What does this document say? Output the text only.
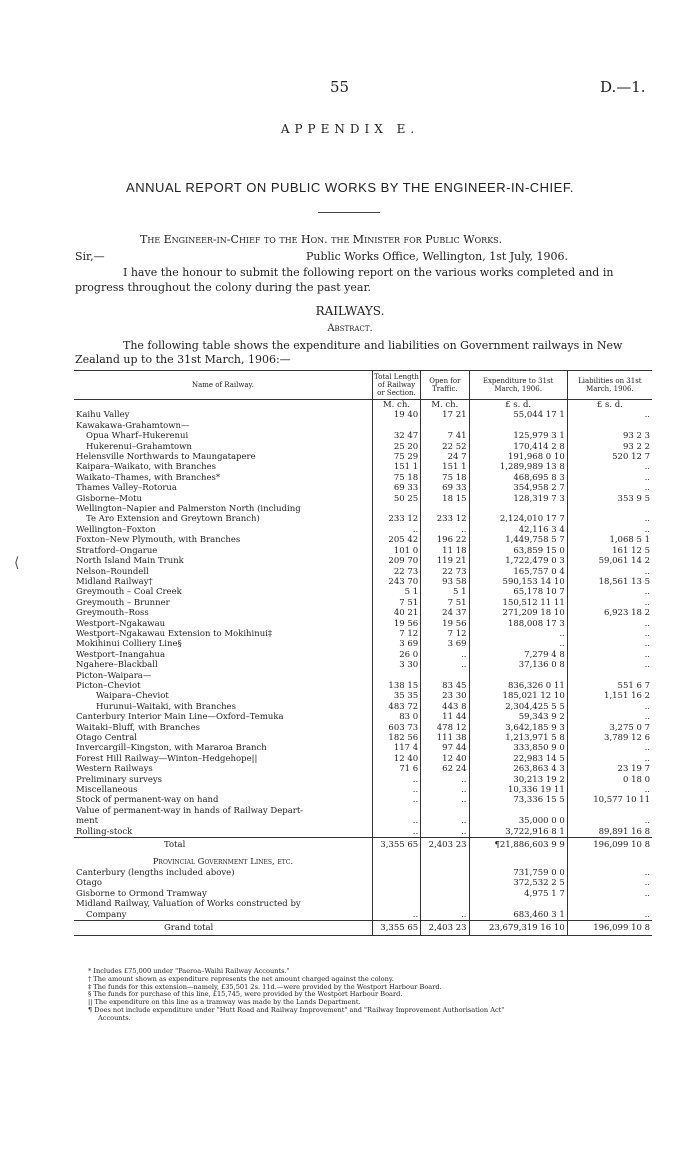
55	D.—1.
APPENDIX E.
ANNUAL REPORT ON PUBLIC WORKS BY THE ENGINEER-IN-CHIEF.
The Engineer-in-Chief to the Hon. the Minister for Public Works.
Sir,—	Public Works Office, Wellington, 1st July, 1906.
I have the honour to submit the following report on the various works completed and in progress throughout the colony during the past year.
RAILWAYS.
Abstract.
The following table shows the expenditure and liabilities on Government railways in New Zealand up to the 31st March, 1906:—
Name of Railway.	Total Length of Railway or Section.	Open for Traffic.	Expenditure to 31st March, 1906.	Liabilities on 31st March, 1906.
	M. ch.	M. ch.	£ s. d.	£ s. d.
Kaihu Valley	19 40	17 21	55,044 17 1	..
Kawakawa-Grahamtown—				
Opua Wharf–Hukerenui	32 47	7 41	125,979 3 1	93 2 3
Hukerenui–Grahamtown	25 20	22 52	170,414 2 8	93 2 2
Helensville Northwards to Maungatapere	75 29	24 7	191,968 0 10	520 12 7
Kaipara–Waikato, with Branches	151 1	151 1	1,289,989 13 8	..
Waikato–Thames, with Branches*	75 18	75 18	468,695 8 3	..
Thames Valley–Rotorua	69 33	69 33	354,958 2 7	..
Gisborne–Motu	50 25	18 15	128,319 7 3	353 9 5
Wellington–Napier and Palmerston North (including				
Te Aro Extension and Greytown Branch)	233 12	233 12	2,124,010 17 7	..
Wellington–Foxton	..	..	42,116 3 4	..
Foxton–New Plymouth, with Branches	205 42	196 22	1,449,758 5 7	1,068 5 1
Stratford–Ongarue	101 0	11 18	63,859 15 0	161 12 5
North Island Main Trunk	209 70	119 21	1,722,479 0 3	59,061 14 2
Nelson–Roundell	22 73	22 73	165,757 0 4	..
Midland Railway†	243 70	93 58	590,153 14 10	18,561 13 5
Greymouth – Coal Creek	5 1	5 1	65,178 10 7	..
Greymouth – Brunner	7 51	7 51	150,512 11 11	..
Greymouth–Ross	40 21	24 37	271,209 18 10	6,923 18 2
Westport–Ngakawau	19 56	19 56	188,008 17 3	..
Westport–Ngakawau Extension to Mokihinui‡	7 12	7 12	..	..
Mokihinui Colliery Line§	3 69	3 69	..	..
Westport–Inangahua	26 0	..	7,279 4 8	..
Ngahere–Blackball	3 30	..	37,136 0 8	..
Picton–Waipara—				
Picton–Cheviot	138 15	83 45	836,326 0 11	551 6 7
Waipara–Cheviot	35 35	23 30	185,021 12 10	1,151 16 2
Hurunui–Waitaki, with Branches	483 72	443 8	2,304,425 5 5	..
Canterbury Interior Main Line—Oxford–Temuka	83 0	11 44	59,343 9 2	..
Waitaki–Bluff, with Branches	603 73	478 12	3,642,185 9 3	3,275 0 7
Otago Central	182 56	111 38	1,213,971 5 8	3,789 12 6
Invercargill–Kingston, with Mararoa Branch	117 4	97 44	333,850 9 0	..
Forest Hill Railway—Winton–Hedgehope||	12 40	12 40	22,983 14 5	..
Western Railways	71 6	62 24	263,863 4 3	23 19 7
Preliminary surveys	..	..	30,213 19 2	0 18 0
Miscellaneous	..	..	10,336 19 11	..
Stock of permanent-way on hand	..	..	73,336 15 5	10,577 10 11
Value of permanent-way in hands of Railway Depart-				
ment	..	..	35,000 0 0	..
Rolling-stock	..	..	3,722,916 8 1	89,891 16 8
Total	3,355 65	2,403 23	¶21,886,603 9 9	196,099 10 8
Provincial Government Lines, etc.				
Canterbury (lengths included above)			731,759 0 0	..
Otago			372,532 2 5	..
Gisborne to Ormond Tramway			4,975 1 7	..
Midland Railway, Valuation of Works constructed by				
Company	..	..	683,460 3 1	..
Grand total	3,355 65	2,403 23	23,679,319 16 10	196,099 10 8
⟨
* Includes £75,000 under "Paeroa–Waihi Railway Accounts."
† The amount shown as expenditure represents the net amount charged against the colony.
‡ The funds for this extension—namely, £35,501 2s. 11d.—were provided by the Westport Harbour Board.
§ The funds for purchase of this line, £15,745, were provided by the Westport Harbour Board.
|| The expenditure on this line as a tramway was made by the Lands Department.
¶ Does not include expenditure under "Hutt Road and Railway Improvement" and "Railway Improvement Authorisation Act"
Accounts.
